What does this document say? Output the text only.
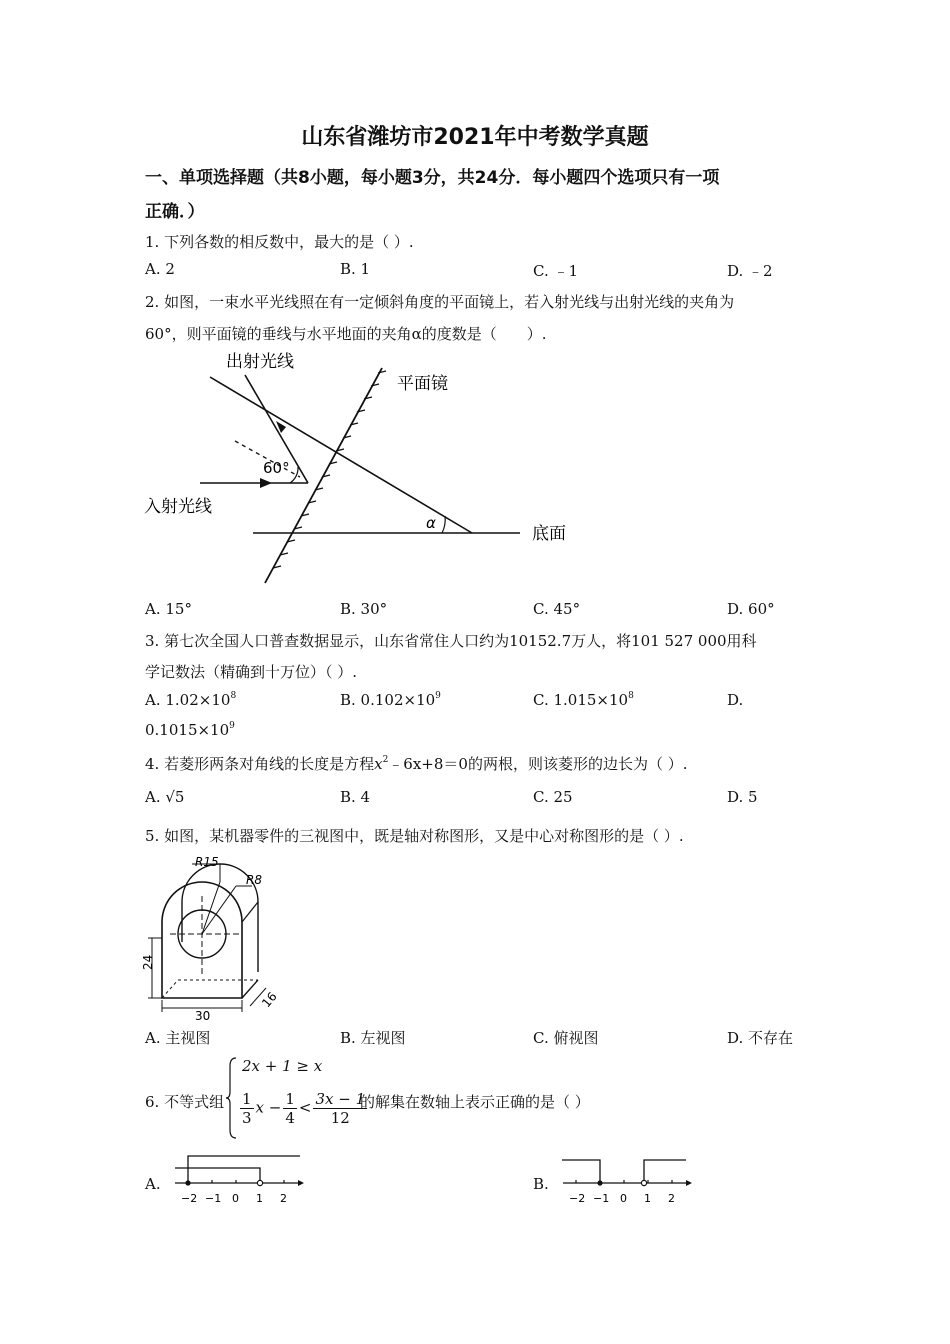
山东省潍坊市2021年中考数学真题
一、单项选择题（共8小题，每小题3分，共24分．每小题四个选项只有一项
正确．）
1. 下列各数的相反数中，最大的是（ ）.
A. 2	B. 1	C. ﹣1	D. ﹣2
2. 如图，一束水平光线照在有一定倾斜角度的平面镜上，若入射光线与出射光线的夹角为
60°，则平面镜的垂线与水平地面的夹角α的度数是（　　）.
出射光线
平面镜
入射光线
底面
60°
α
A. 15°	B. 30°	C. 45°	D. 60°
3. 第七次全国人口普查数据显示，山东省常住人口约为10152.7万人，将101 527 000用科
学记数法（精确到十万位）（ ）.
A. $1.02\times 10^8$	B. $0.102\times 10^9$	C. $1.015\times 10^8$	D.
$0.1015\times 10^9$
4. 若菱形两条对角线的长度是方程$x^2﹣6x+8=0$的两根，则该菱形的边长为（ ）.
A. √5	B. 4	C. 25	D. 5
5. 如图，某机器零件的三视图中，既是轴对称图形，又是中心对称图形的是（ ）.
R15
R8
24
30
16
A. 主视图	B. 左视图	C. 俯视图	D. 不存在
6. 不等式组
2x + 1 ≥ x
$\frac{1}{3}$ $x - \frac{1}{4} < \frac{3x - 1}{12}$
的解集在数轴上表示正确的是（ ）
A.
−2 −1 0 1 2
B.
−2 −1 0 1 2
